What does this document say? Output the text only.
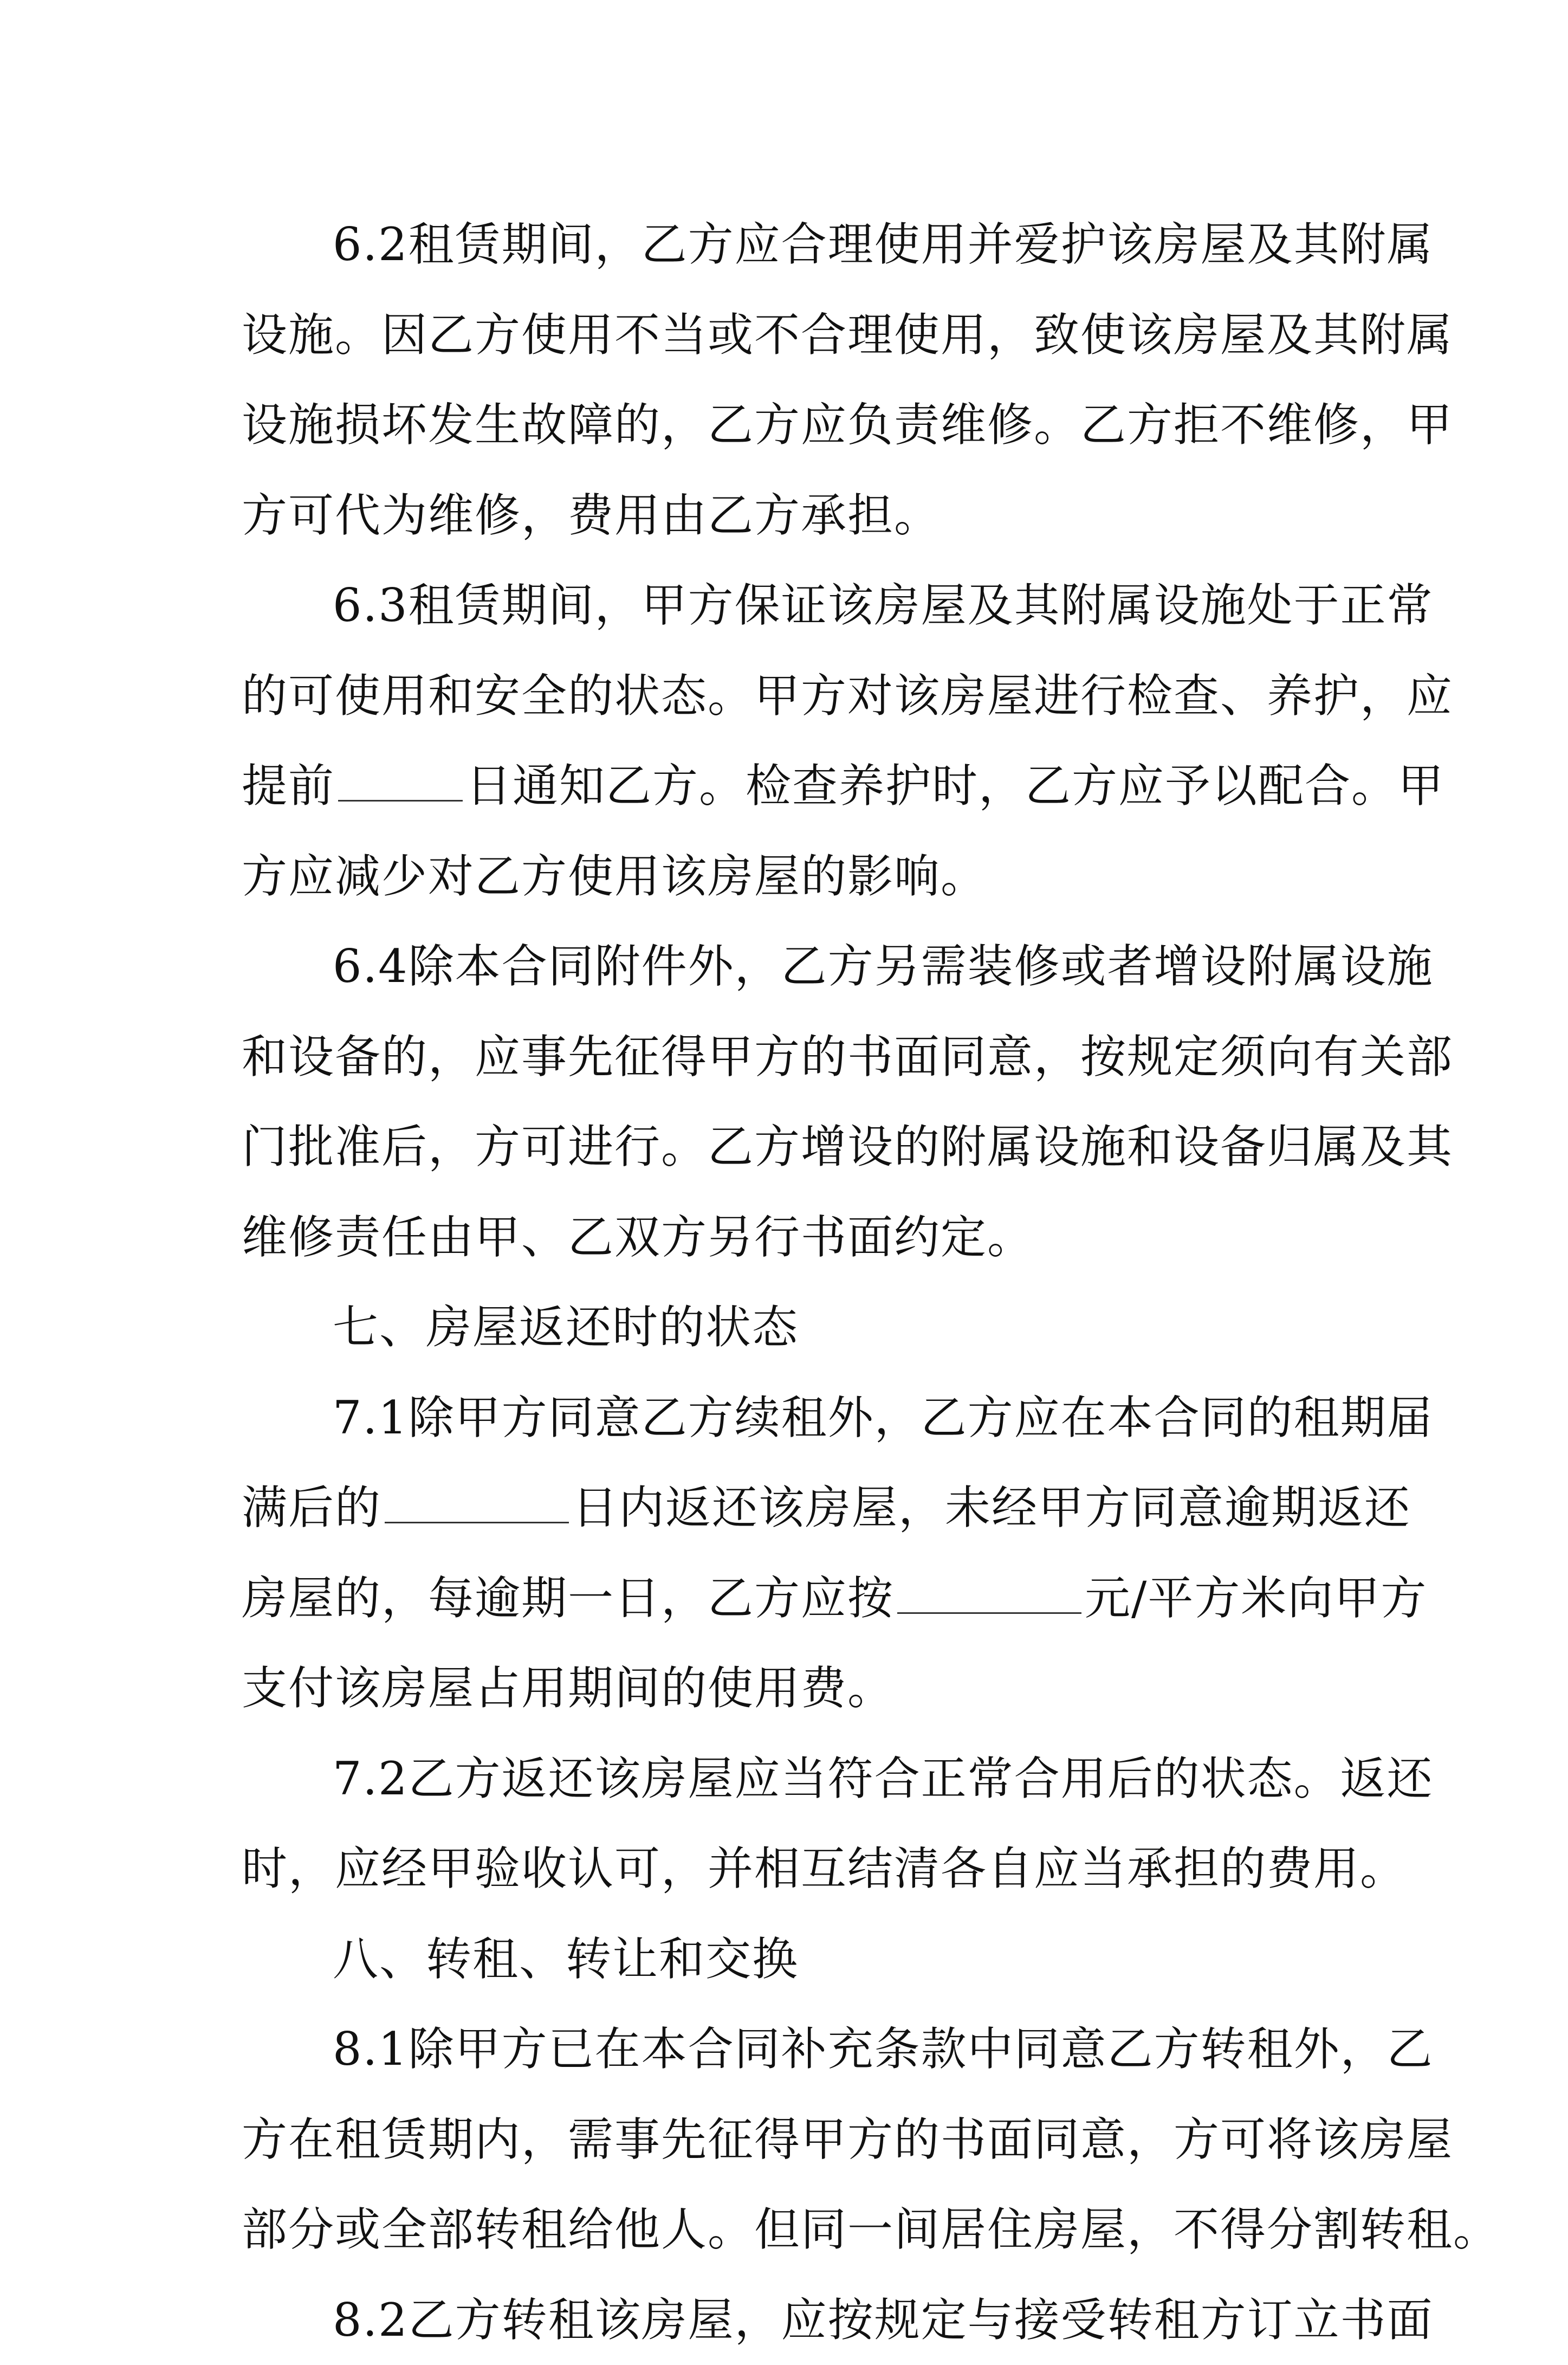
6.2租赁期间，乙方应合理使用并爱护该房屋及其附属
设施。因乙方使用不当或不合理使用，致使该房屋及其附属
设施损坏发生故障的，乙方应负责维修。乙方拒不维修，甲
方可代为维修，费用由乙方承担。
6.3租赁期间，甲方保证该房屋及其附属设施处于正常
的可使用和安全的状态。甲方对该房屋进行检查、养护，应
提前	日通知乙方。检查养护时，乙方应予以配合。甲
方应减少对乙方使用该房屋的影响。
6.4除本合同附件外，乙方另需装修或者增设附属设施
和设备的，应事先征得甲方的书面同意，按规定须向有关部
门批准后，方可进行。乙方增设的附属设施和设备归属及其
维修责任由甲、乙双方另行书面约定。
七、房屋返还时的状态
7.1除甲方同意乙方续租外，乙方应在本合同的租期届
满后的	日内返还该房屋，未经甲方同意逾期返还
房屋的，每逾期一日，乙方应按	元/平方米向甲方
支付该房屋占用期间的使用费。
7.2乙方返还该房屋应当符合正常合用后的状态。返还
时，应经甲验收认可，并相互结清各自应当承担的费用。
八、转租、转让和交换
8.1除甲方已在本合同补充条款中同意乙方转租外，乙
方在租赁期内，需事先征得甲方的书面同意，方可将该房屋
部分或全部转租给他人。但同一间居住房屋，不得分割转租。
8.2乙方转租该房屋，应按规定与接受转租方订立书面
